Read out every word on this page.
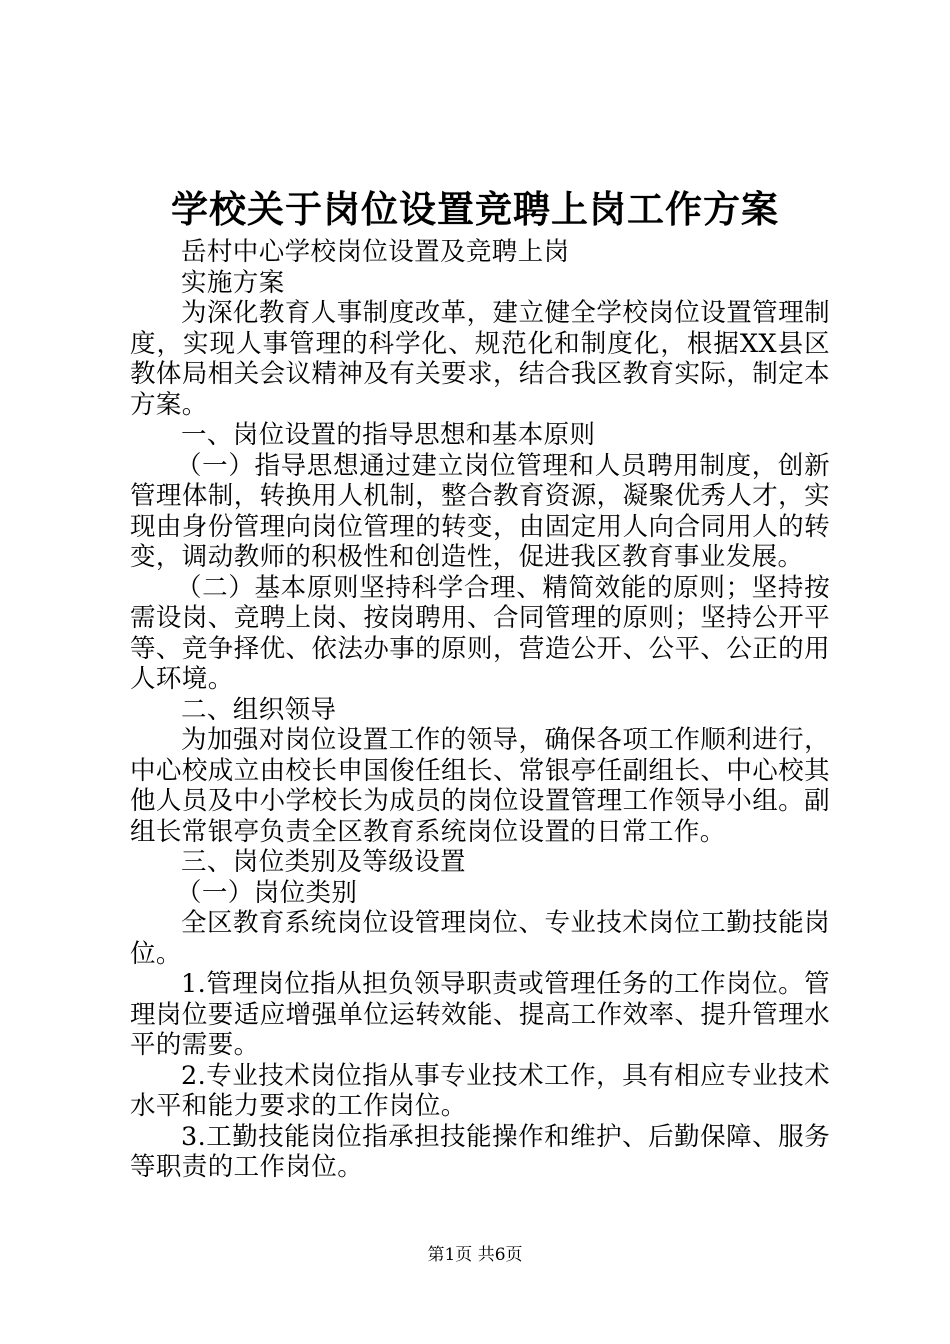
学校关于岗位设置竞聘上岗工作方案

岳村中心学校岗位设置及竞聘上岗

实施方案

为深化教育人事制度改革，建立健全学校岗位设置管理制度，实现人事管理的科学化、规范化和制度化，根据XX县区教体局相关会议精神及有关要求，结合我区教育实际，制定本方案。

一、岗位设置的指导思想和基本原则

（一）指导思想通过建立岗位管理和人员聘用制度，创新管理体制，转换用人机制，整合教育资源，凝聚优秀人才，实现由身份管理向岗位管理的转变，由固定用人向合同用人的转变，调动教师的积极性和创造性，促进我区教育事业发展。

（二）基本原则坚持科学合理、精简效能的原则；坚持按需设岗、竞聘上岗、按岗聘用、合同管理的原则；坚持公开平等、竞争择优、依法办事的原则，营造公开、公平、公正的用人环境。

二、组织领导

为加强对岗位设置工作的领导，确保各项工作顺利进行，中心校成立由校长申国俊任组长、常银亭任副组长、中心校其他人员及中小学校长为成员的岗位设置管理工作领导小组。副组长常银亭负责全区教育系统岗位设置的日常工作。

三、岗位类别及等级设置

（一）岗位类别

全区教育系统岗位设管理岗位、专业技术岗位工勤技能岗位。

1.管理岗位指从担负领导职责或管理任务的工作岗位。管理岗位要适应增强单位运转效能、提高工作效率、提升管理水平的需要。

2.专业技术岗位指从事专业技术工作，具有相应专业技术水平和能力要求的工作岗位。

3.工勤技能岗位指承担技能操作和维护、后勤保障、服务等职责的工作岗位。

第1页 共6页
